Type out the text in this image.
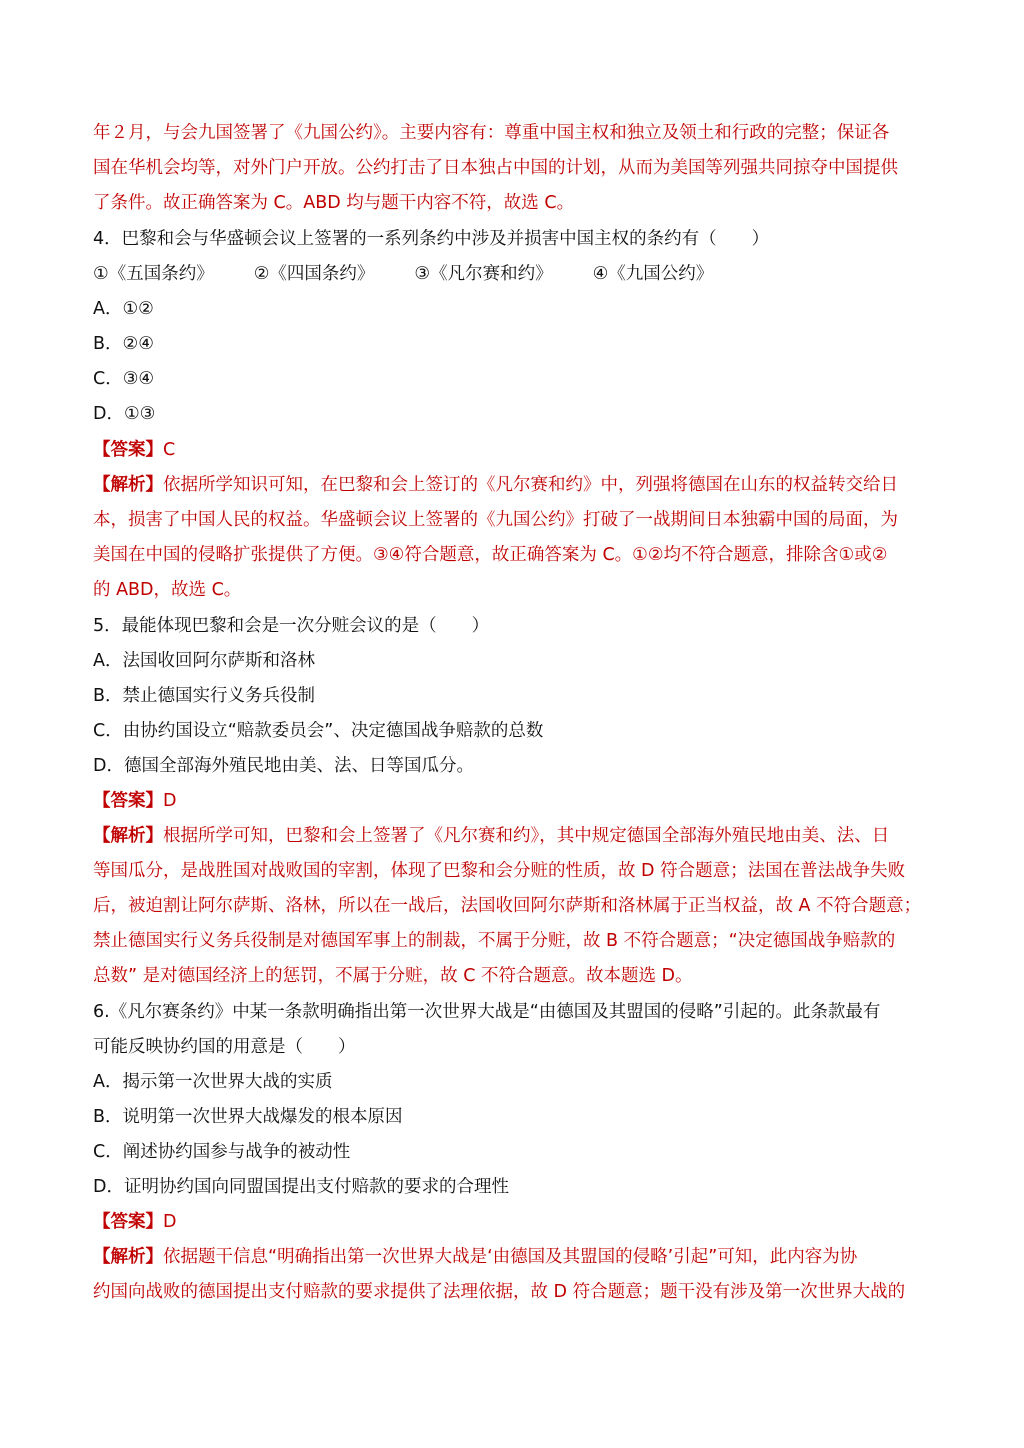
年２月，与会九国签署了《九国公约》。主要内容有：尊重中国主权和独立及领土和行政的完整；保证各
国在华机会均等，对外门户开放。公约打击了日本独占中国的计划，从而为美国等列强共同掠夺中国提供
了条件。故正确答案为 C。ABD 均与题干内容不符，故选 C。
4．巴黎和会与华盛顿会议上签署的一系列条约中涉及并损害中国主权的条约有（　　）
①《五国条约》 ②《四国条约》 ③《凡尔赛和约》 ④《九国公约》
A．①②
B．②④
C．③④
D．①③
【答案】C
【解析】依据所学知识可知，在巴黎和会上签订的《凡尔赛和约》中，列强将德国在山东的权益转交给日
本，损害了中国人民的权益。华盛顿会议上签署的《九国公约》打破了一战期间日本独霸中国的局面，为
美国在中国的侵略扩张提供了方便。③④符合题意，故正确答案为 C。①②均不符合题意，排除含①或②
的 ABD，故选 C。
5．最能体现巴黎和会是一次分赃会议的是（　　）
A．法国收回阿尔萨斯和洛林
B．禁止德国实行义务兵役制
C．由协约国设立“赔款委员会”、决定德国战争赔款的总数
D．德国全部海外殖民地由美、法、日等国瓜分。
【答案】D
【解析】根据所学可知，巴黎和会上签署了《凡尔赛和约》，其中规定德国全部海外殖民地由美、法、日
等国瓜分，是战胜国对战败国的宰割，体现了巴黎和会分赃的性质，故 D 符合题意；法国在普法战争失败
后，被迫割让阿尔萨斯、洛林，所以在一战后，法国收回阿尔萨斯和洛林属于正当权益，故 A 不符合题意；
禁止德国实行义务兵役制是对德国军事上的制裁，不属于分赃，故 B 不符合题意；“决定德国战争赔款的
总数” 是对德国经济上的惩罚，不属于分赃，故 C 不符合题意。故本题选 D。
6.《凡尔赛条约》中某一条款明确指出第一次世界大战是“由德国及其盟国的侵略”引起的。此条款最有
可能反映协约国的用意是（　　）
A．揭示第一次世界大战的实质
B．说明第一次世界大战爆发的根本原因
C．阐述协约国参与战争的被动性
D．证明协约国向同盟国提出支付赔款的要求的合理性
【答案】D
【解析】依据题干信息“明确指出第一次世界大战是‘由德国及其盟国的侵略’引起”可知，此内容为协
约国向战败的德国提出支付赔款的要求提供了法理依据，故 D 符合题意；题干没有涉及第一次世界大战的
